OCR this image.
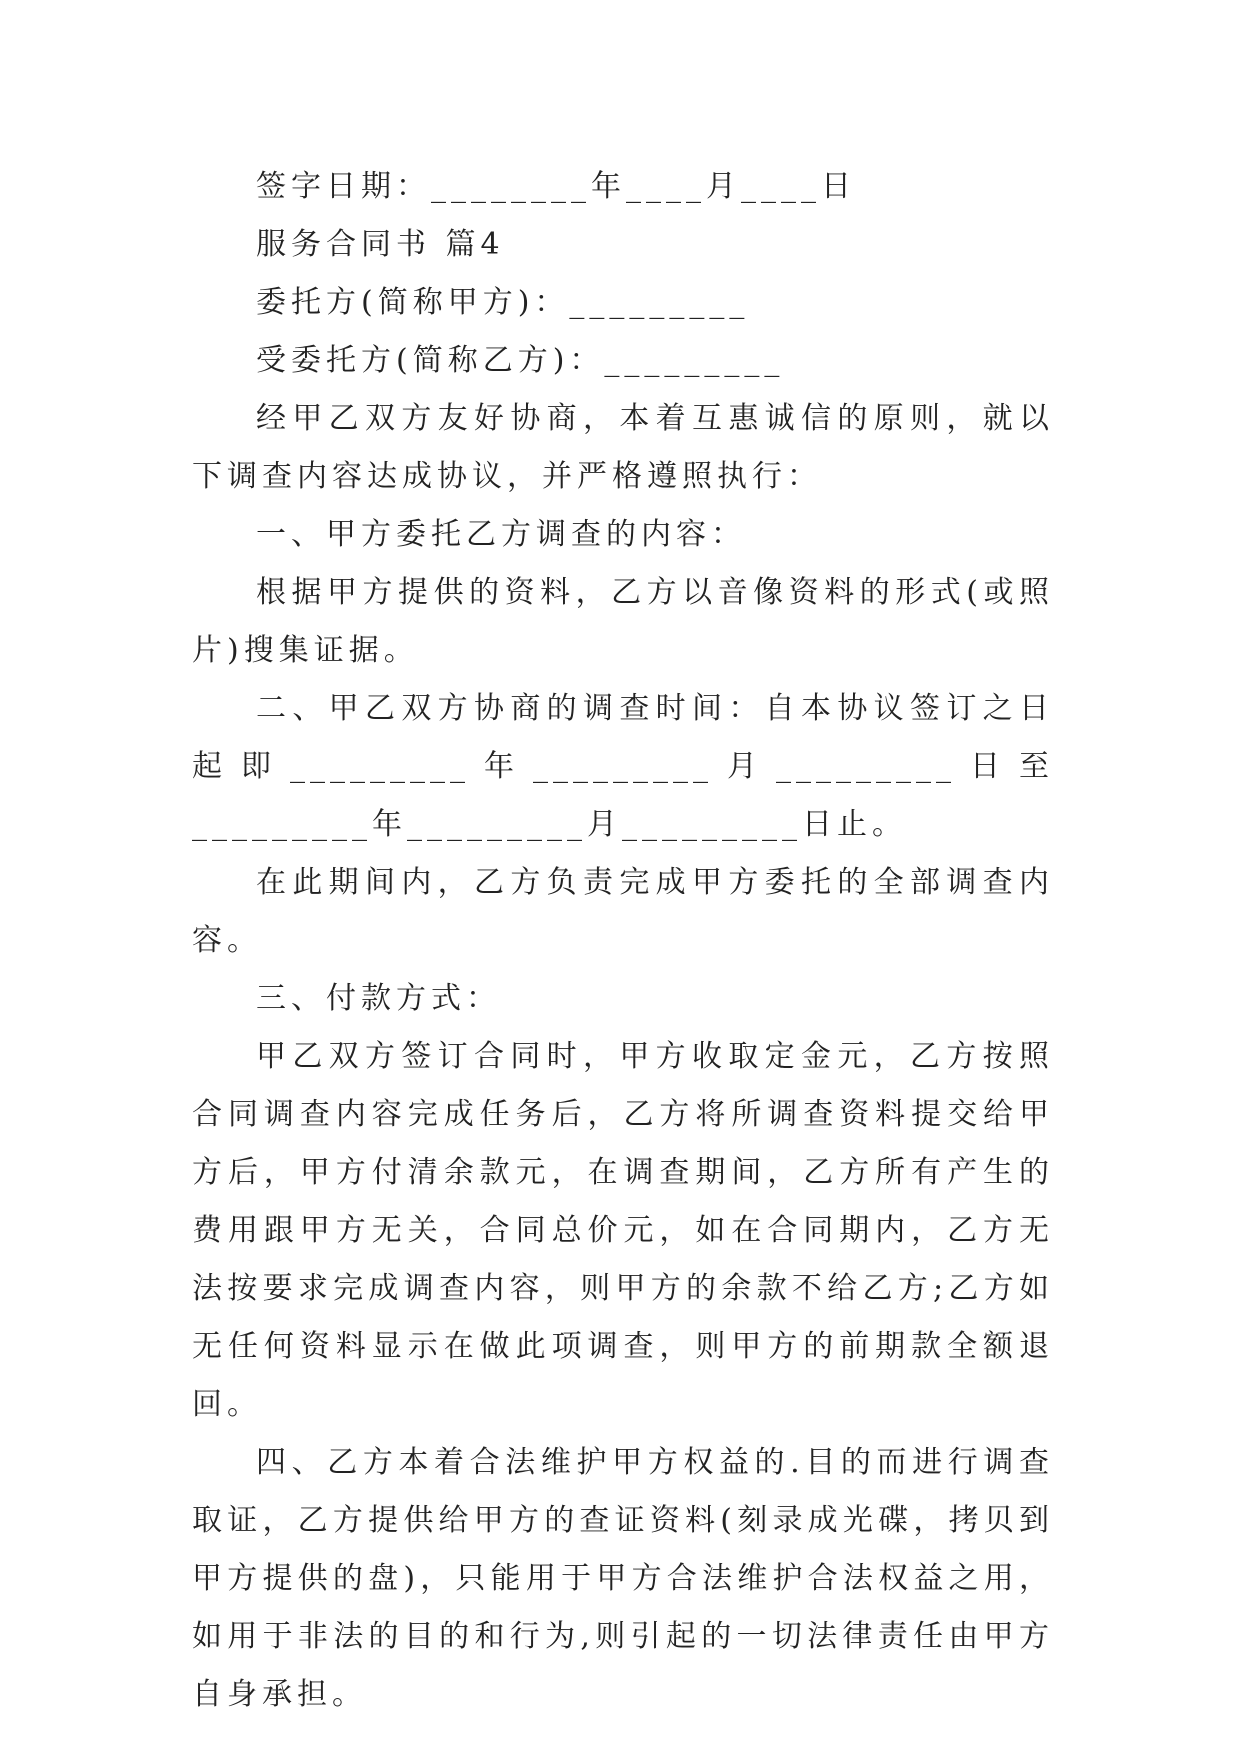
签字日期：________年____月____日

服务合同书 篇4

委托方(简称甲方)：_________

受委托方(简称乙方)：_________

经甲乙双方友好协商，本着互惠诚信的原则，就以下调查内容达成协议，并严格遵照执行：

一、甲方委托乙方调查的内容：

根据甲方提供的资料，乙方以音像资料的形式(或照片)搜集证据。

二、甲乙双方协商的调查时间：自本协议签订之日起即_________年_________月_________日至_________年_________月_________日止。

在此期间内，乙方负责完成甲方委托的全部调查内容。

三、付款方式：

甲乙双方签订合同时，甲方收取定金元，乙方按照合同调查内容完成任务后，乙方将所调查资料提交给甲方后，甲方付清余款元，在调查期间，乙方所有产生的费用跟甲方无关，合同总价元，如在合同期内，乙方无法按要求完成调查内容，则甲方的余款不给乙方;乙方如无任何资料显示在做此项调查，则甲方的前期款全额退回。

四、乙方本着合法维护甲方权益的.目的而进行调查取证，乙方提供给甲方的查证资料(刻录成光碟，拷贝到甲方提供的盘)，只能用于甲方合法维护合法权益之用，如用于非法的目的和行为,则引起的一切法律责任由甲方自身承担。
